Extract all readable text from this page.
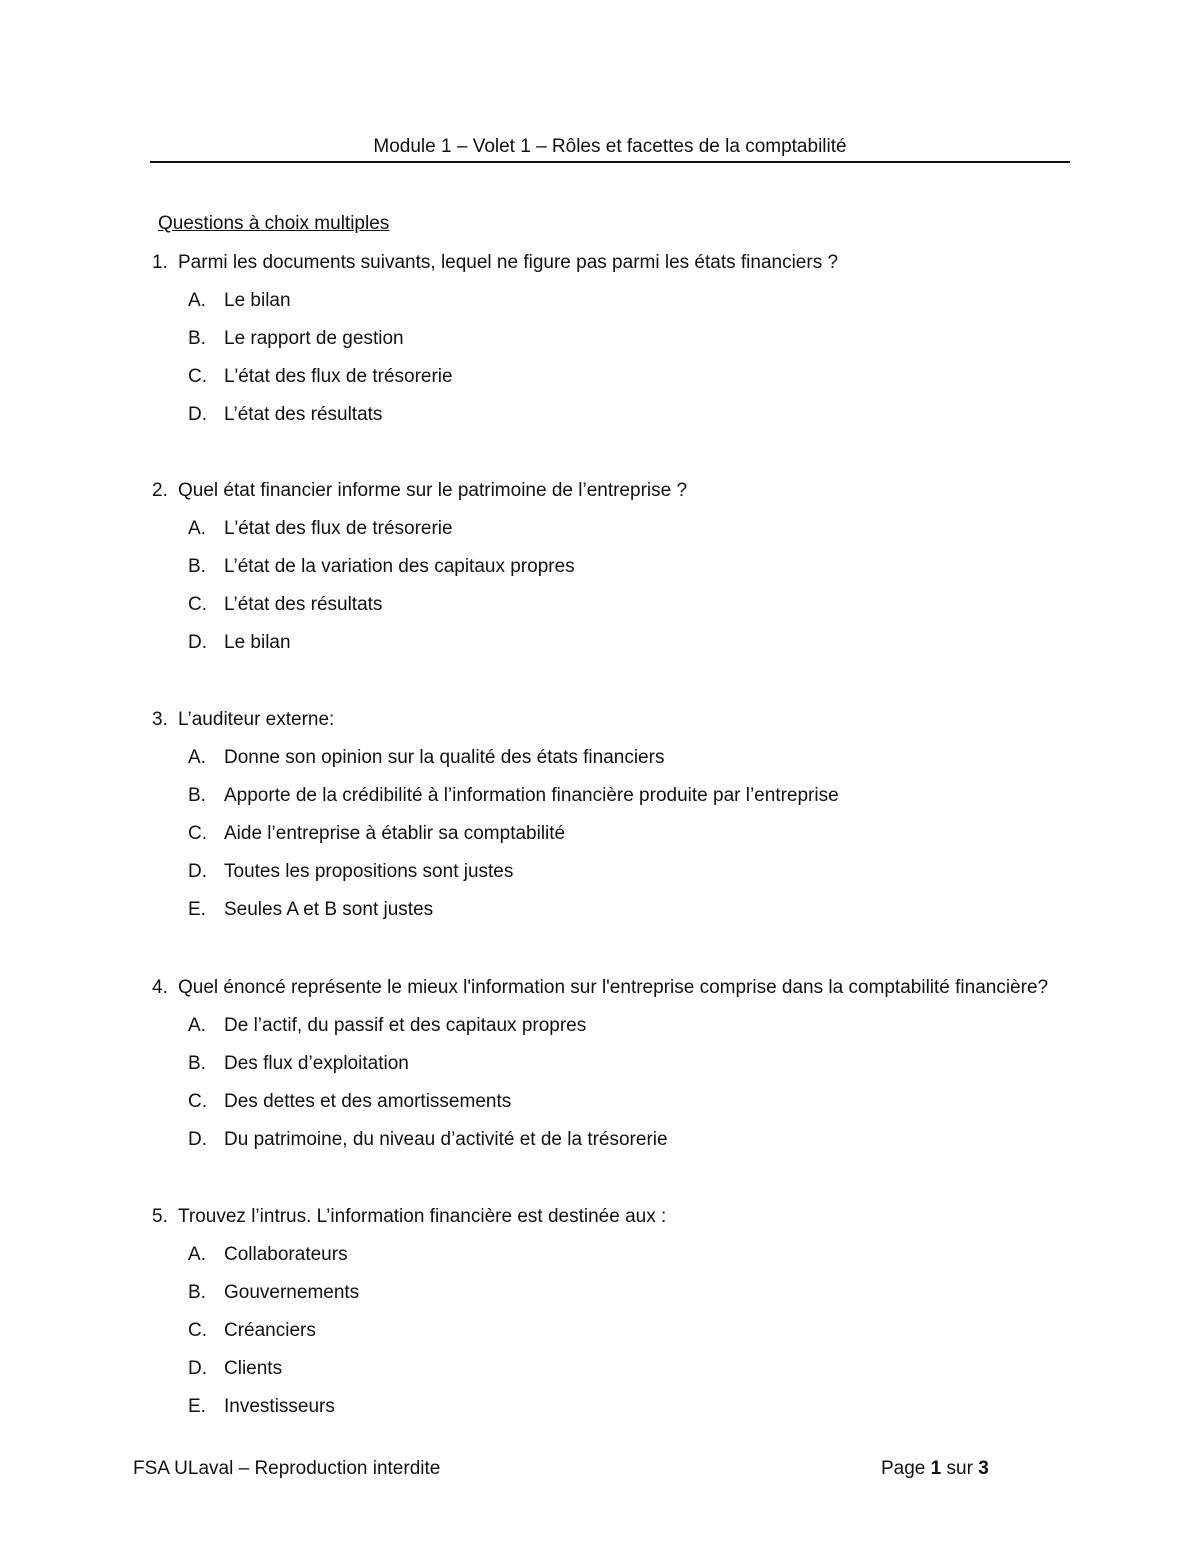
Module 1 – Volet 1 – Rôles et facettes de la comptabilité
Questions à choix multiples
1. Parmi les documents suivants, lequel ne figure pas parmi les états financiers ?
A. Le bilan
B. Le rapport de gestion
C. L'état des flux de trésorerie
D. L’état des résultats
2. Quel état financier informe sur le patrimoine de l’entreprise ?
A. L'état des flux de trésorerie
B. L’état de la variation des capitaux propres
C. L’état des résultats
D. Le bilan
3. L’auditeur externe:
A. Donne son opinion sur la qualité des états financiers
B. Apporte de la crédibilité à l’information financière produite par l’entreprise
C. Aide l’entreprise à établir sa comptabilité
D. Toutes les propositions sont justes
E. Seules A et B sont justes
4. Quel énoncé représente le mieux l'information sur l'entreprise comprise dans la comptabilité financière?
A. De l’actif, du passif et des capitaux propres
B. Des flux d’exploitation
C. Des dettes et des amortissements
D. Du patrimoine, du niveau d’activité et de la trésorerie
5. Trouvez l’intrus. L’information financière est destinée aux :
A. Collaborateurs
B. Gouvernements
C. Créanciers
D. Clients
E. Investisseurs
FSA ULaval – Reproduction interdite	Page 1 sur 3
